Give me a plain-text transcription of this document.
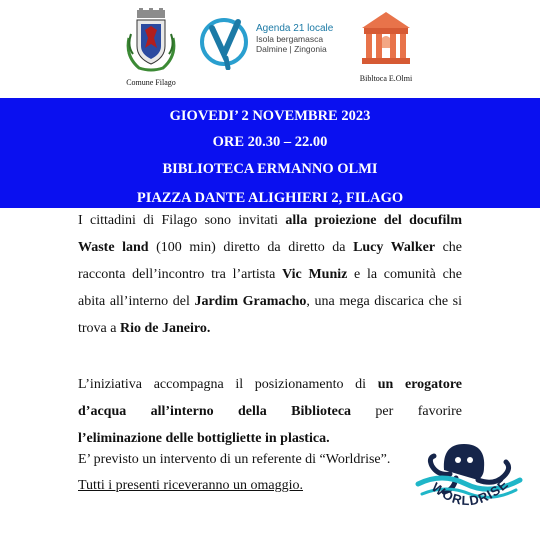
Comune Filago
Agenda 21 locale
Isola bergamasca
Dalmine | Zingonia
Bibltoca E.Olmi
GIOVEDI’ 2 NOVEMBRE 2023
ORE 20.30 – 22.00
BIBLIOTECA ERMANNO OLMI
PIAZZA DANTE ALIGHIERI 2, FILAGO
I cittadini di Filago sono invitati alla proiezione del docufilm Waste land (100 min) diretto da diretto da Lucy Walker che racconta dell’incontro tra l’artista Vic Muniz e la comunità che abita all’interno del Jardim Gramacho, una mega discarica che si trova a Rio de Janeiro.
L’iniziativa accompagna il posizionamento di un erogatore
d’acqua all’interno della Biblioteca per favorire
l’eliminazione delle bottigliette in plastica.
E’ previsto un intervento di un referente di “Worldrise”.
Tutti i presenti riceveranno un omaggio.	WORLDRISE
